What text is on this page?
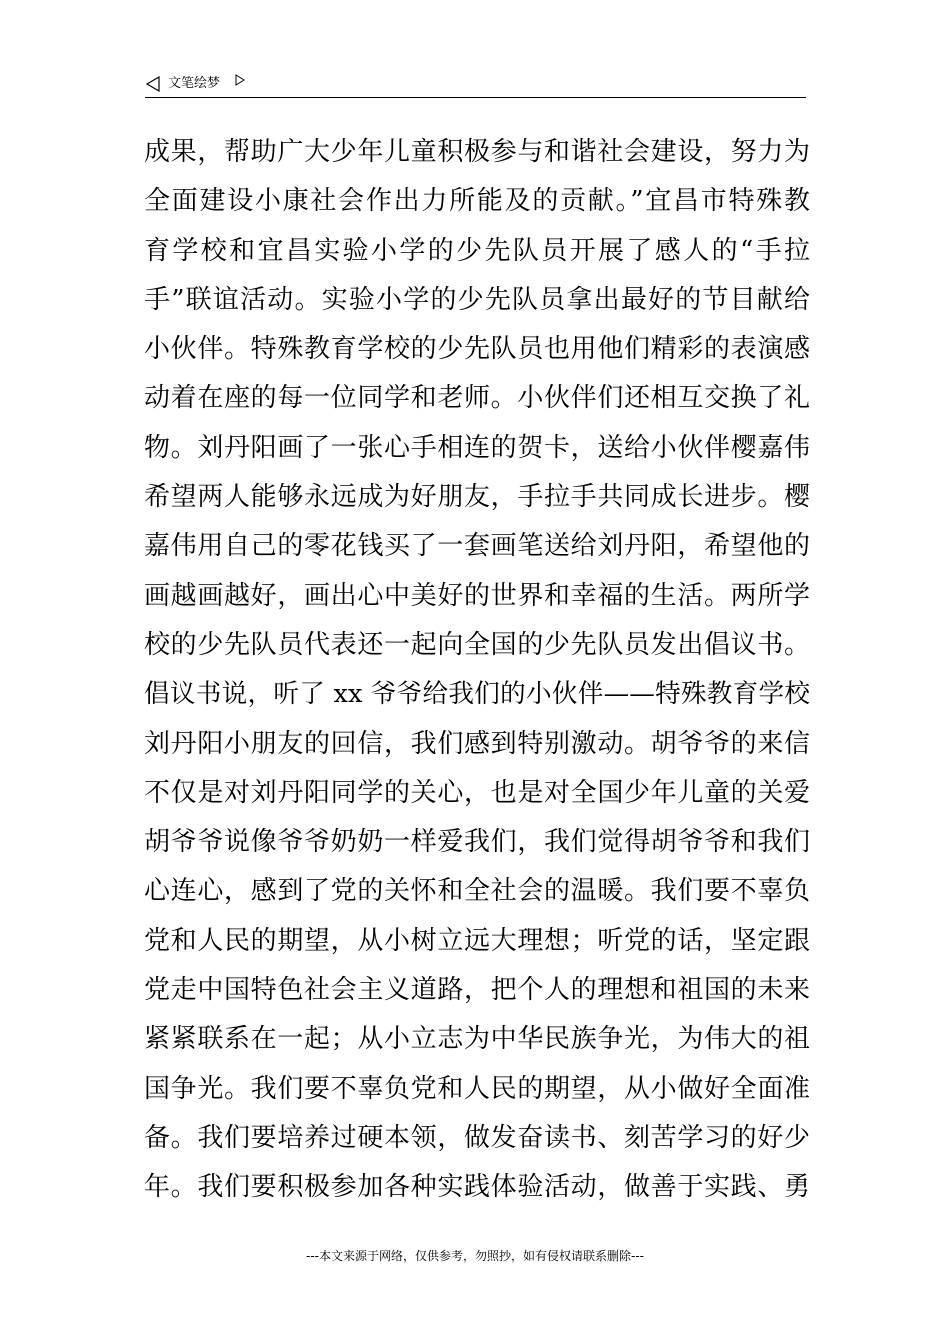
文笔绘梦
成果，帮助广大少年儿童积极参与和谐社会建设，努力为
全面建设小康社会作出力所能及的贡献。”宜昌市特殊教
育学校和宜昌实验小学的少先队员开展了感人的“手拉
手”联谊活动。实验小学的少先队员拿出最好的节目献给
小伙伴。特殊教育学校的少先队员也用他们精彩的表演感
动着在座的每一位同学和老师。小伙伴们还相互交换了礼
物。刘丹阳画了一张心手相连的贺卡，送给小伙伴樱嘉伟
希望两人能够永远成为好朋友，手拉手共同成长进步。樱
嘉伟用自己的零花钱买了一套画笔送给刘丹阳，希望他的
画越画越好，画出心中美好的世界和幸福的生活。两所学
校的少先队员代表还一起向全国的少先队员发出倡议书。
倡议书说，听了 xx 爷爷给我们的小伙伴——特殊教育学校
刘丹阳小朋友的回信，我们感到特别激动。胡爷爷的来信
不仅是对刘丹阳同学的关心，也是对全国少年儿童的关爱
胡爷爷说像爷爷奶奶一样爱我们，我们觉得胡爷爷和我们
心连心，感到了党的关怀和全社会的温暖。我们要不辜负
党和人民的期望，从小树立远大理想；听党的话，坚定跟
党走中国特色社会主义道路，把个人的理想和祖国的未来
紧紧联系在一起；从小立志为中华民族争光，为伟大的祖
国争光。我们要不辜负党和人民的期望，从小做好全面准
备。我们要培养过硬本领，做发奋读书、刻苦学习的好少
年。我们要积极参加各种实践体验活动，做善于实践、勇
---本文来源于网络，仅供参考，勿照抄，如有侵权请联系删除---
